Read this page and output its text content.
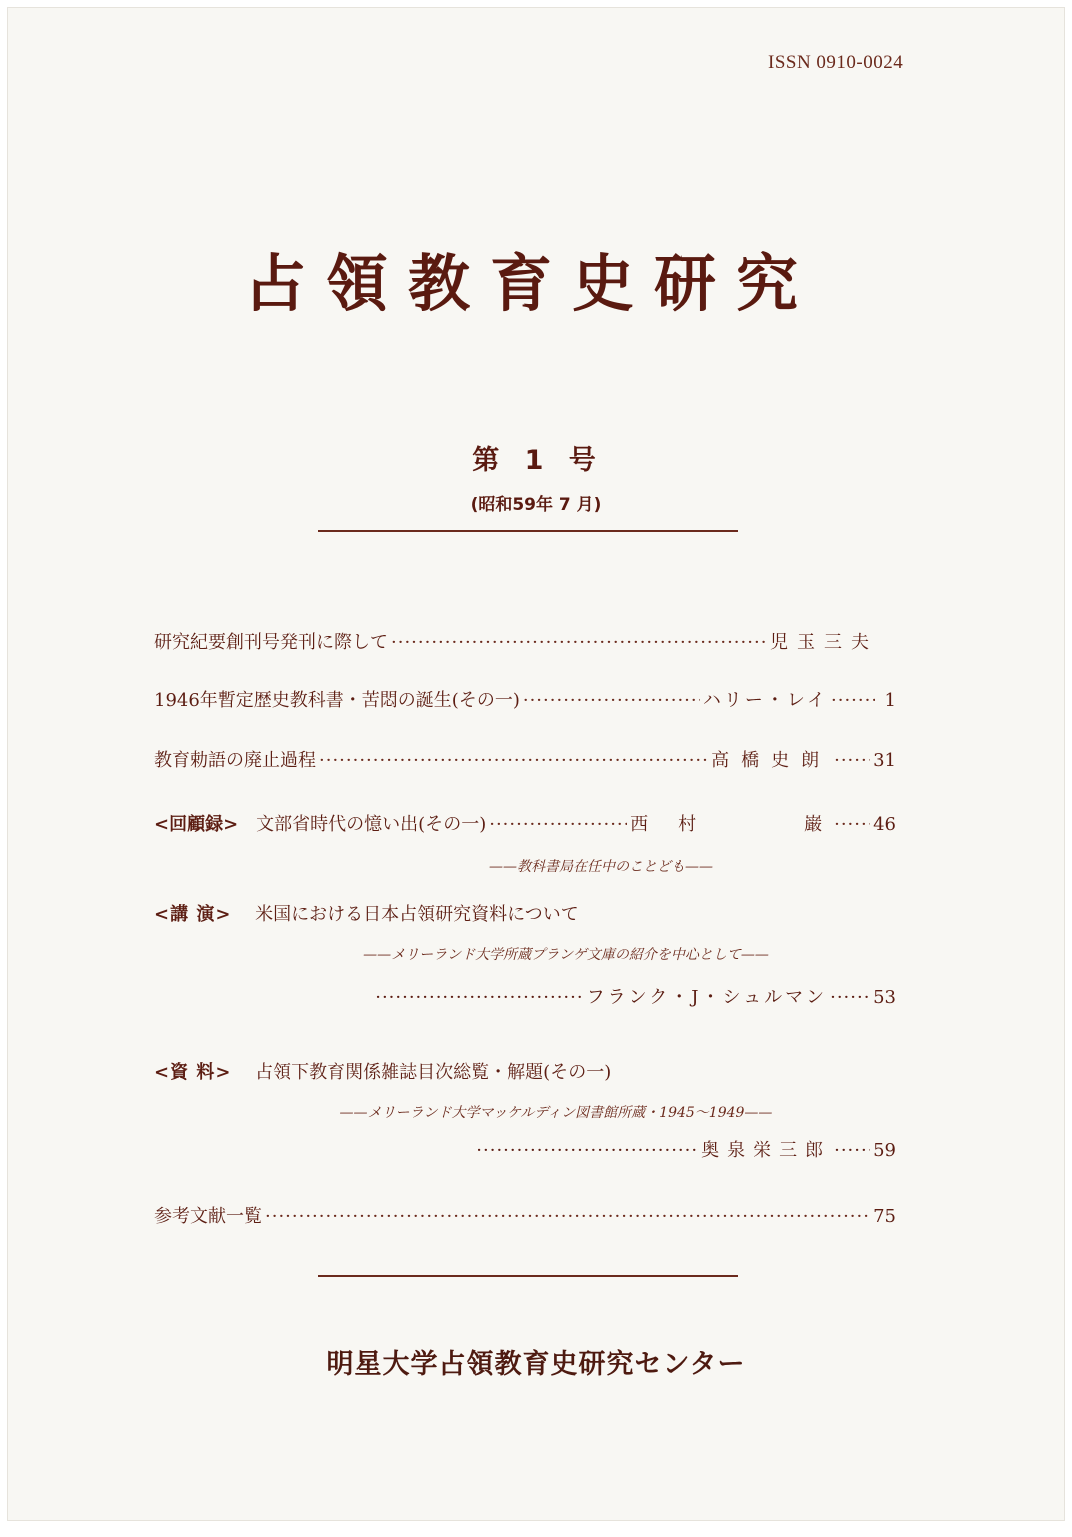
ISSN 0910-0024
占領教育史研究
第 1 号
(昭和59年 7 月)
研究紀要創刊号発刊に際して ·····	児玉三夫
1946年暫定歴史教科書・苦悶の誕生(その一) ·····	ハリー・レイ ·····	1
教育勅語の廃止過程 ·····	高橋史朗 ····· 31
<回顧録> 文部省時代の憶い出(その一) ·····	西村	巌 ····· 46
——教科書局在任中のことども——
<講 演> 米国における日本占領研究資料について
——メリーランド大学所蔵プランゲ文庫の紹介を中心として——
·····
フランク・J・シュルマン ·····	53
<資 料> 占領下教育関係雑誌目次総覧・解題(その一)
——メリーランド大学マッケルディン図書館所蔵・1945〜1949——
·····
奥泉栄三郎 ····· 59
参考文献一覧 ·····	75
明星大学占領教育史研究センター
